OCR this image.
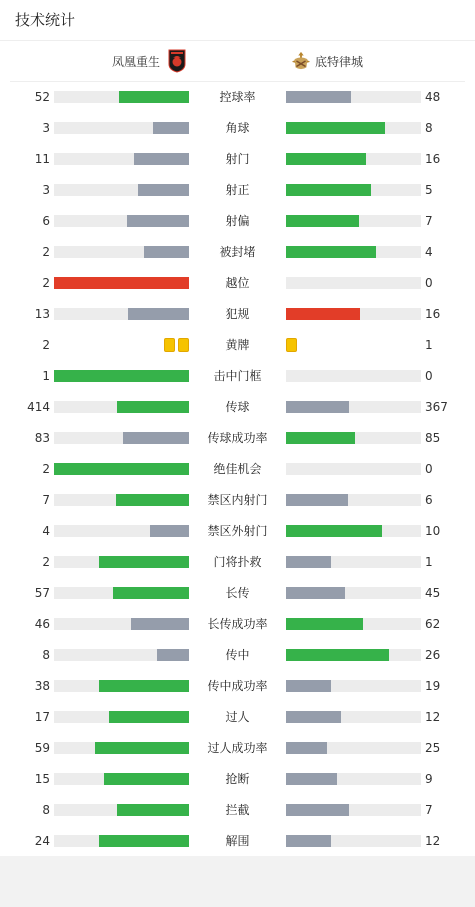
技术统计
凤凰重生	底特律城
52	控球率	48
3	角球	8
11	射门	16
3	射正	5
6	射偏	7
2	被封堵	4
2	越位	0
13	犯规	16
2	黄牌	1
1	击中门框	0
414	传球	367
83	传球成功率	85
2	绝佳机会	0
7	禁区内射门	6
4	禁区外射门	10
2	门将扑救	1
57	长传	45
46	长传成功率	62
8	传中	26
38	传中成功率	19
17	过人	12
59	过人成功率	25
15	抢断	9
8	拦截	7
24	解围	12
